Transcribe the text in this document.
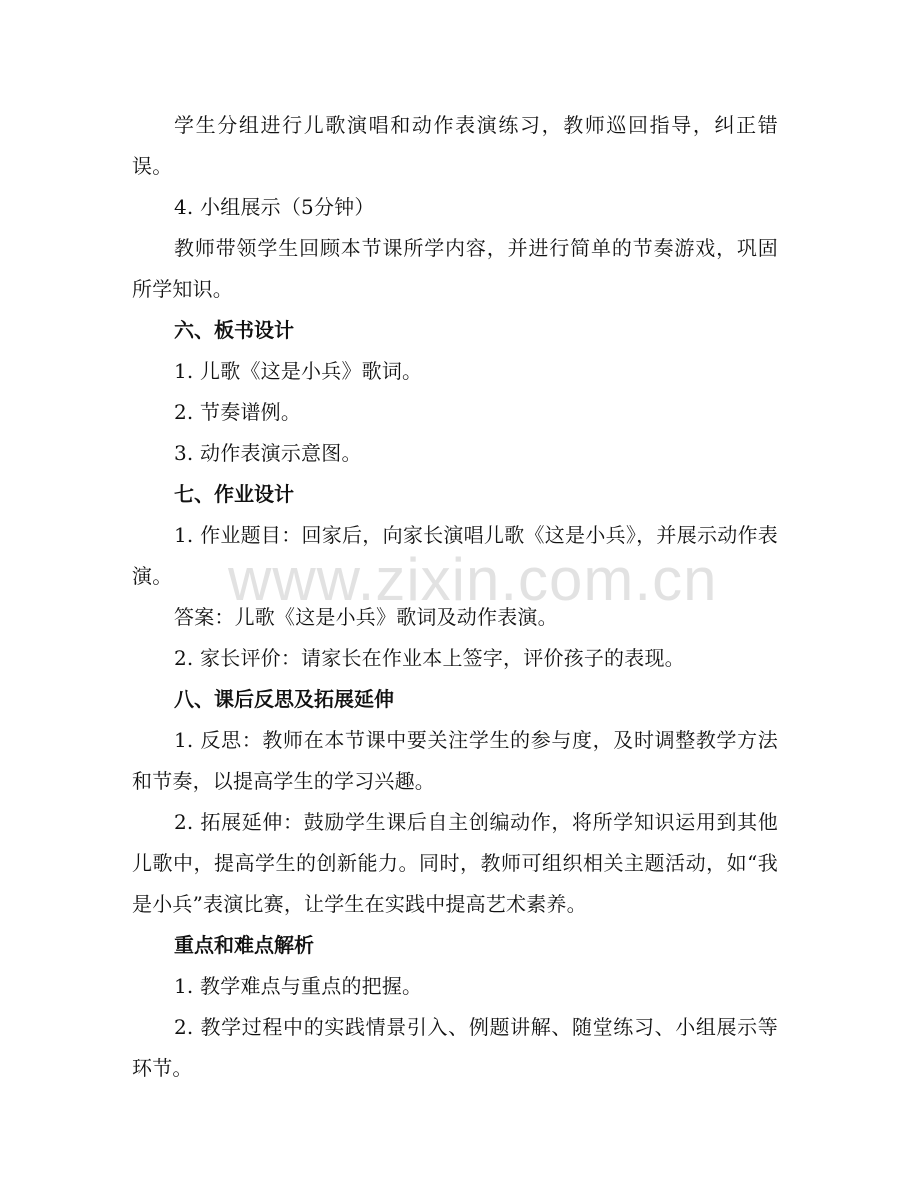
学生分组进行儿歌演唱和动作表演练习，教师巡回指导，纠正错误。

4. 小组展示（5分钟）

教师带领学生回顾本节课所学内容，并进行简单的节奏游戏，巩固所学知识。

六、板书设计

1. 儿歌《这是小兵》歌词。

2. 节奏谱例。

3. 动作表演示意图。

七、作业设计

1. 作业题目：回家后，向家长演唱儿歌《这是小兵》，并展示动作表演。

答案：儿歌《这是小兵》歌词及动作表演。

2. 家长评价：请家长在作业本上签字，评价孩子的表现。

八、课后反思及拓展延伸

1. 反思：教师在本节课中要关注学生的参与度，及时调整教学方法和节奏，以提高学生的学习兴趣。

2. 拓展延伸：鼓励学生课后自主创编动作，将所学知识运用到其他儿歌中，提高学生的创新能力。同时，教师可组织相关主题活动，如“我是小兵”表演比赛，让学生在实践中提高艺术素养。

重点和难点解析

1. 教学难点与重点的把握。

2. 教学过程中的实践情景引入、例题讲解、随堂练习、小组展示等环节。

www.zixin.com.cn
